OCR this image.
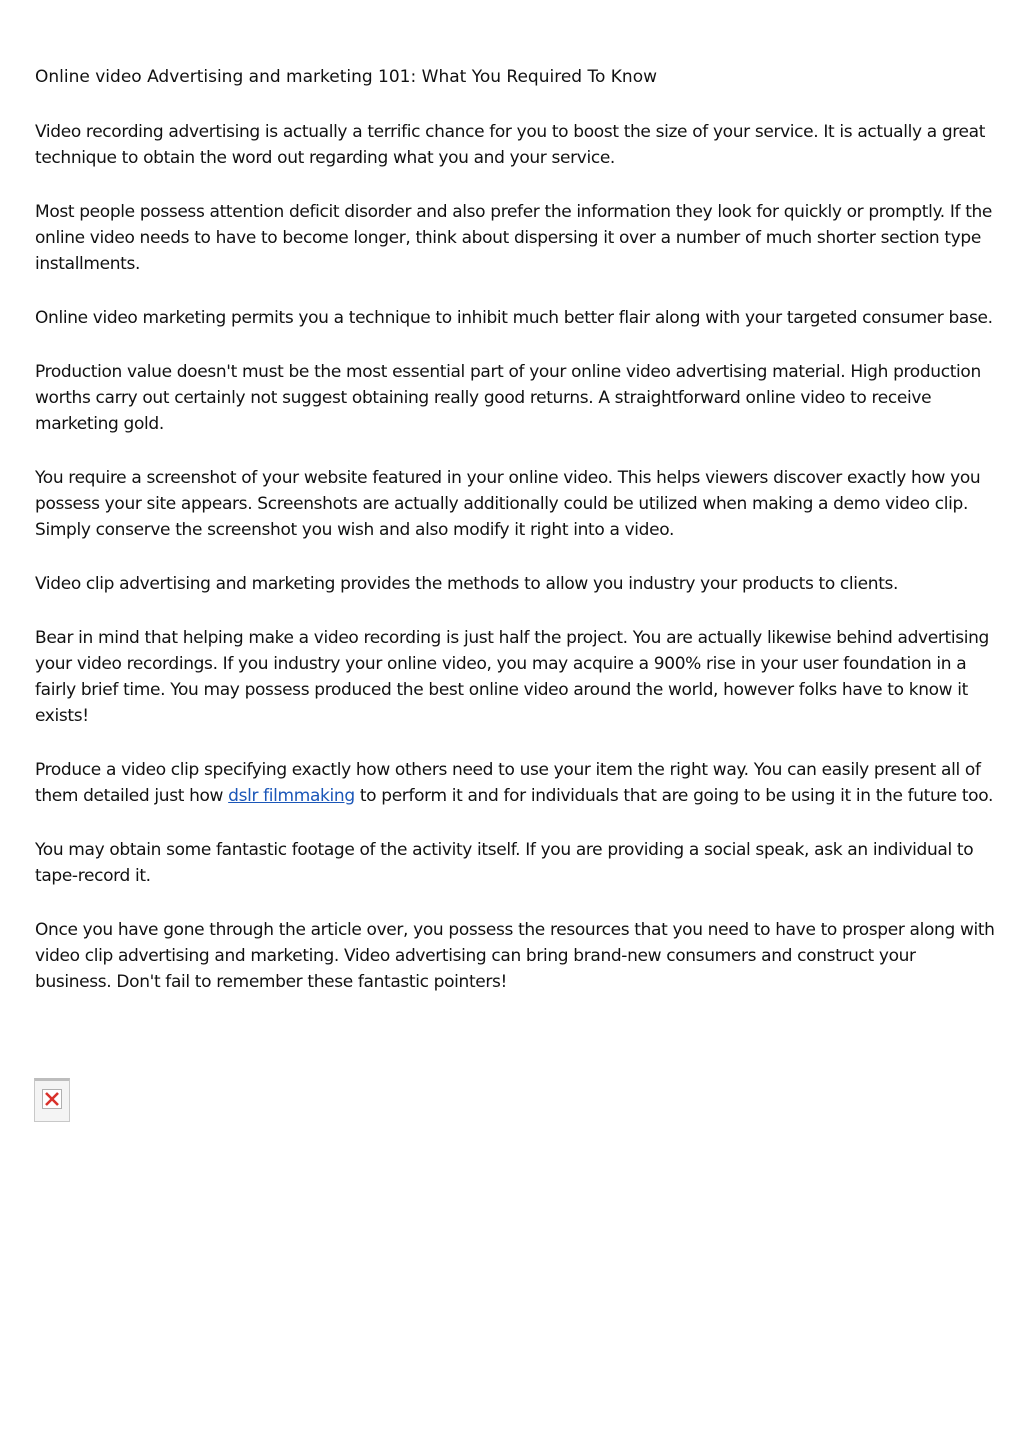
Online video Advertising and marketing 101: What You Required To Know

Video recording advertising is actually a terrific chance for you to boost the size of your service. It is actually a great technique to obtain the word out regarding what you and your service.

Most people possess attention deficit disorder and also prefer the information they look for quickly or promptly. If the online video needs to have to become longer, think about dispersing it over a number of much shorter section type installments.

Online video marketing permits you a technique to inhibit much better flair along with your targeted consumer base.

Production value doesn't must be the most essential part of your online video advertising material. High production worths carry out certainly not suggest obtaining really good returns. A straightforward online video to receive marketing gold.

You require a screenshot of your website featured in your online video. This helps viewers discover exactly how you possess your site appears. Screenshots are actually additionally could be utilized when making a demo video clip. Simply conserve the screenshot you wish and also modify it right into a video.

Video clip advertising and marketing provides the methods to allow you industry your products to clients.

Bear in mind that helping make a video recording is just half the project. You are actually likewise behind advertising your video recordings. If you industry your online video, you may acquire a 900% rise in your user foundation in a fairly brief time. You may possess produced the best online video around the world, however folks have to know it exists!

Produce a video clip specifying exactly how others need to use your item the right way. You can easily present all of them detailed just how dslr filmmaking to perform it and for individuals that are going to be using it in the future too.

You may obtain some fantastic footage of the activity itself. If you are providing a social speak, ask an individual to tape-record it.

Once you have gone through the article over, you possess the resources that you need to have to prosper along with video clip advertising and marketing. Video advertising can bring brand-new consumers and construct your business. Don't fail to remember these fantastic pointers!
